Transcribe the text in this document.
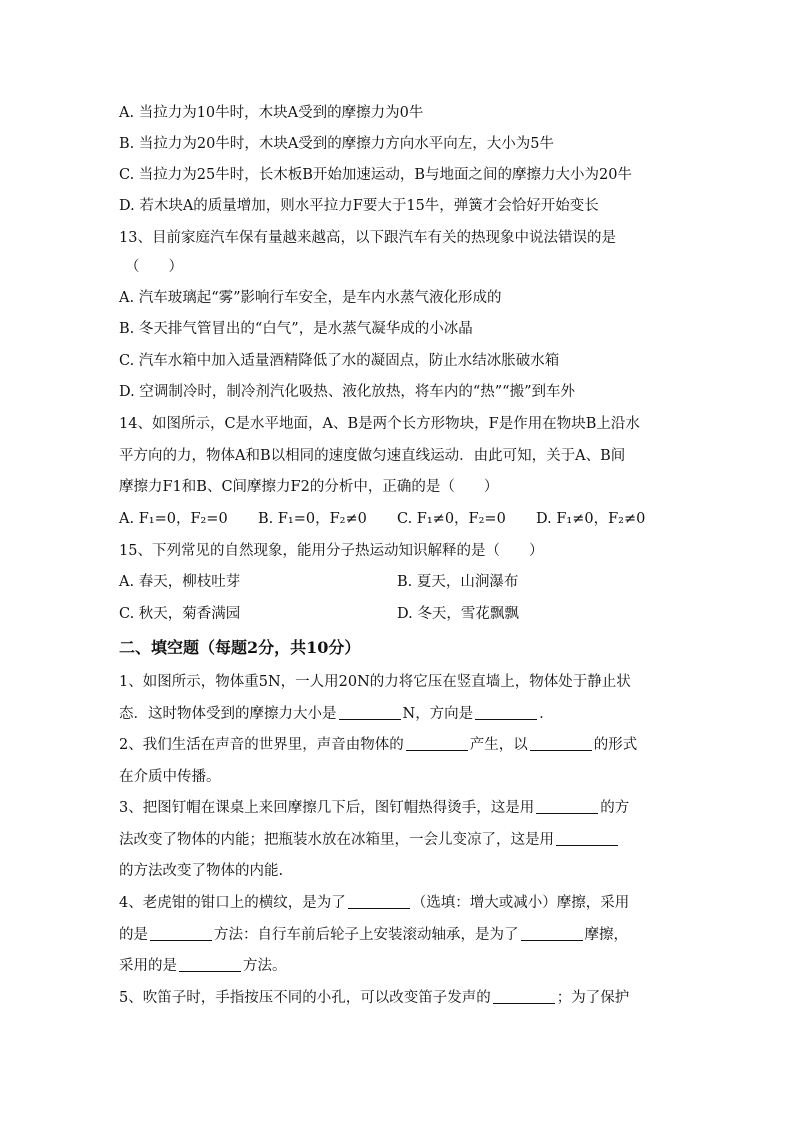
A. 当拉力为10牛时，木块A受到的摩擦力为0牛
B. 当拉力为20牛时，木块A受到的摩擦力方向水平向左，大小为5牛
C. 当拉力为25牛时，长木板B开始加速运动，B与地面之间的摩擦力大小为20牛
D. 若木块A的质量增加，则水平拉力F要大于15牛，弹簧才会恰好开始变长
13、目前家庭汽车保有量越来越高，以下跟汽车有关的热现象中说法错误的是
（　　）
A. 汽车玻璃起“雾”影响行车安全，是车内水蒸气液化形成的
B. 冬天排气管冒出的“白气”，是水蒸气凝华成的小冰晶
C. 汽车水箱中加入适量酒精降低了水的凝固点，防止水结冰胀破水箱
D. 空调制冷时，制冷剂汽化吸热、液化放热，将车内的“热”“搬”到车外
14、如图所示，C是水平地面，A、B是两个长方形物块，F是作用在物块B上沿水
平方向的力，物体A和B以相同的速度做匀速直线运动．由此可知，关于A、B间
摩擦力F1和B、C间摩擦力F2的分析中，正确的是（　　）
A. F₁=0，F₂=0 B. F₁=0，F₂≠0 C. F₁≠0，F₂=0 D. F₁≠0，F₂≠0
15、下列常见的自然现象，能用分子热运动知识解释的是（　　）
A. 春天，柳枝吐芽	B. 夏天，山涧瀑布
C. 秋天，菊香满园	D. 冬天，雪花飘飘
二、填空题（每题2分，共10分）
1、如图所示，物体重5N，一人用20N的力将它压在竖直墙上，物体处于静止状
态．这时物体受到的摩擦力大小是	N，方向是	．
2、我们生活在声音的世界里，声音由物体的	产生，以	的形式
在介质中传播。
3、把图钉帽在课桌上来回摩擦几下后，图钉帽热得烫手，这是用	的方
法改变了物体的内能；把瓶装水放在冰箱里，一会儿变凉了，这是用
的方法改变了物体的内能.
4、老虎钳的钳口上的横纹，是为了	（选填：增大或减小）摩擦，采用
的是	方法：自行车前后轮子上安装滚动轴承，是为了	摩擦，
采用的是	方法。
5、吹笛子时，手指按压不同的小孔，可以改变笛子发声的	；为了保护
